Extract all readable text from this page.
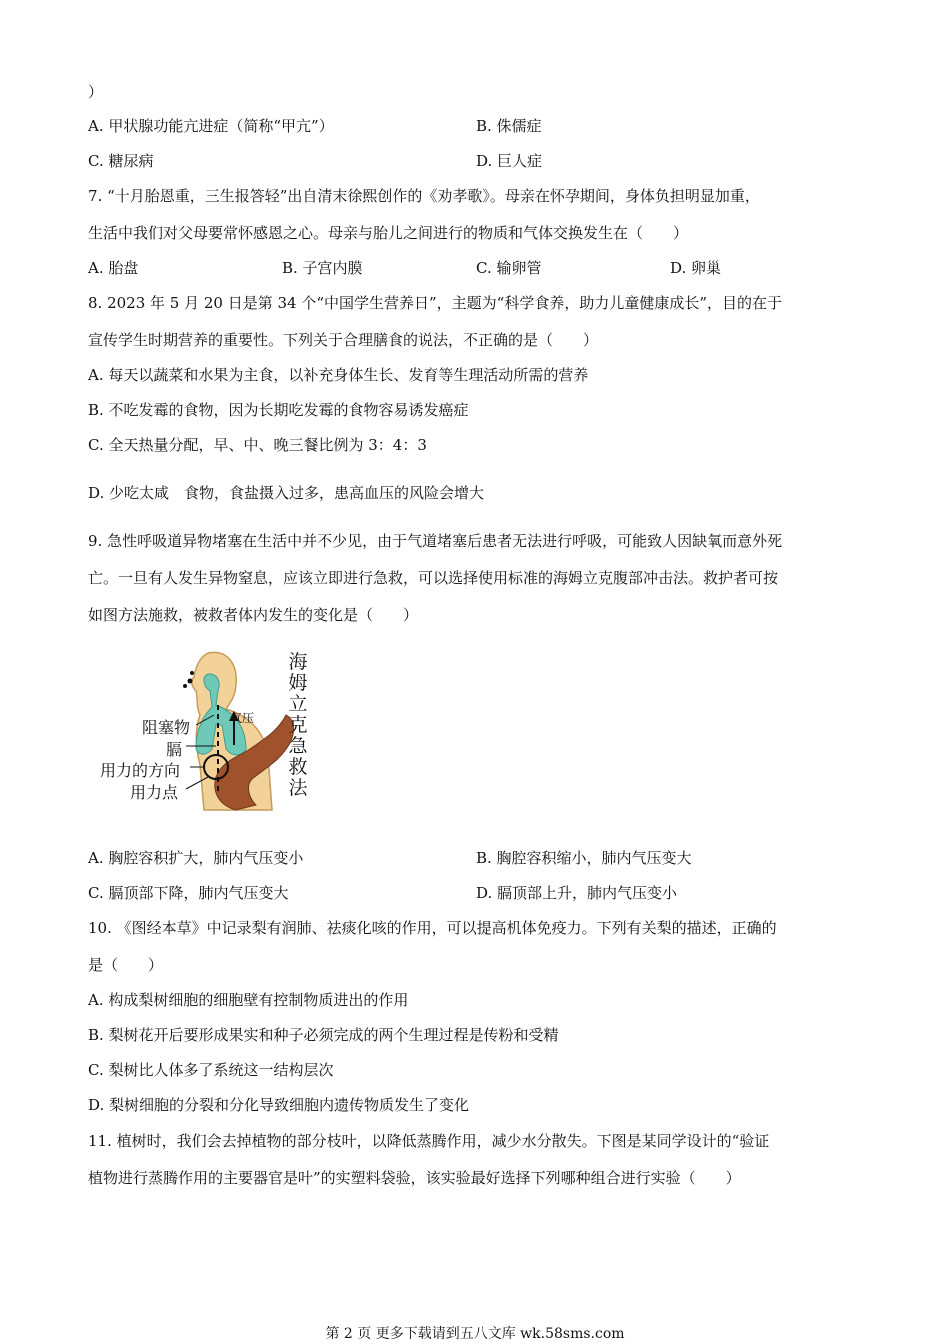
）
A. 甲状腺功能亢进症（简称“甲亢”）	B. 侏儒症
C. 糖尿病	D. 巨人症
7. “十月胎恩重，三生报答轻”出自清末徐熙创作的《劝孝歌》。母亲在怀孕期间，身体负担明显加重，
生活中我们对父母要常怀感恩之心。母亲与胎儿之间进行的物质和气体交换发生在（　　）
A. 胎盘	B. 子宫内膜	C. 输卵管	D. 卵巢
8. 2023 年 5 月 20 日是第 34 个“中国学生营养日”，主题为“科学食养，助力儿童健康成长”，目的在于
宣传学生时期营养的重要性。下列关于合理膳食的说法，不正确的是（　　）
A. 每天以蔬菜和水果为主食，以补充身体生长、发育等生理活动所需的营养
B. 不吃发霉的食物，因为长期吃发霉的食物容易诱发癌症
C. 全天热量分配，早、中、晚三餐比例为 3：4：3
D. 少吃太咸　食物，食盐摄入过多，患高血压的风险会增大
9. 急性呼吸道异物堵塞在生活中并不少见，由于气道堵塞后患者无法进行呼吸，可能致人因缺氧而意外死
亡。一旦有人发生异物窒息，应该立即进行急救，可以选择使用标准的海姆立克腹部冲击法。救护者可按
如图方法施救，被救者体内发生的变化是（　　）
气压
阻塞物
膈
用力的方向
用力点
海
姆
立
克
急
救
法
A. 胸腔容积扩大，肺内气压变小	B. 胸腔容积缩小，肺内气压变大
C. 膈顶部下降，肺内气压变大	D. 膈顶部上升，肺内气压变小
10. 《图经本草》中记录梨有润肺、祛痰化咳的作用，可以提高机体免疫力。下列有关梨的描述，正确的
是（　　）
A. 构成梨树细胞的细胞壁有控制物质进出的作用
B. 梨树花开后要形成果实和种子必须完成的两个生理过程是传粉和受精
C. 梨树比人体多了系统这一结构层次
D. 梨树细胞的分裂和分化导致细胞内遗传物质发生了变化
11. 植树时，我们会去掉植物的部分枝叶，以降低蒸腾作用，减少水分散失。下图是某同学设计的“验证
植物进行蒸腾作用的主要器官是叶”的实塑料袋验，该实验最好选择下列哪种组合进行实验（　　）
第 2 页 更多下载请到五八文库 wk.58sms.com
